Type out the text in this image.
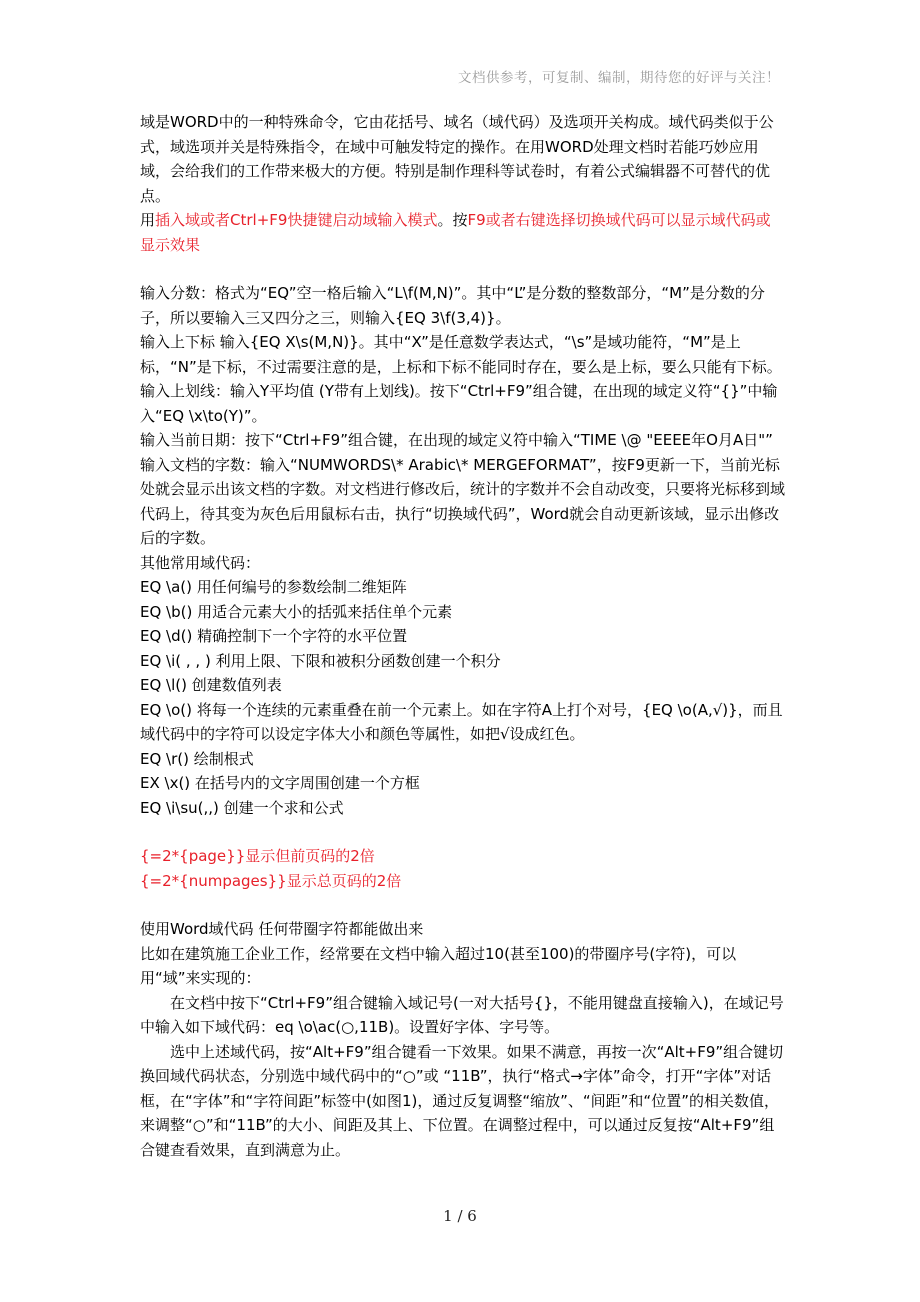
文档供参考，可复制、编制，期待您的好评与关注！

域是WORD中的一种特殊命令，它由花括号、域名（域代码）及选项开关构成。域代码类似于公式，域选项并关是特殊指令，在域中可触发特定的操作。在用WORD处理文档时若能巧妙应用域，会给我们的工作带来极大的方便。特别是制作理科等试卷时，有着公式编辑器不可替代的优点。

用插入域或者Ctrl+F9快捷键启动域输入模式。按F9或者右键选择切换域代码可以显示域代码或显示效果

输入分数：格式为“EQ”空一格后输入“L\f(M,N)”。其中“L”是分数的整数部分，“M”是分数的分子，所以要输入三又四分之三，则输入{EQ 3\f(3,4)}。

输入上下标 输入{EQ X\s(M,N)}。其中“X”是任意数学表达式，“\s”是域功能符，“M”是上标，“N”是下标，不过需要注意的是，上标和下标不能同时存在，要么是上标，要么只能有下标。

输入上划线：输入Y平均值 (Y带有上划线)。按下“Ctrl+F9”组合键，在出现的域定义符“{}”中输入“EQ \x\to(Y)”。

输入当前日期：按下“Ctrl+F9”组合键，在出现的域定义符中输入“TIME \@ "EEEE年O月A日"”

输入文档的字数：输入“NUMWORDS\* Arabic\* MERGEFORMAT”，按F9更新一下，当前光标处就会显示出该文档的字数。对文档进行修改后，统计的字数并不会自动改变，只要将光标移到域代码上，待其变为灰色后用鼠标右击，执行“切换域代码”，Word就会自动更新该域，显示出修改后的字数。

其他常用域代码：

EQ \a() 用任何编号的参数绘制二维矩阵

EQ \b() 用适合元素大小的括弧来括住单个元素

EQ \d() 精确控制下一个字符的水平位置

EQ \i( , , ) 利用上限、下限和被积分函数创建一个积分

EQ \l() 创建数值列表

EQ \o() 将每一个连续的元素重叠在前一个元素上。如在字符A上打个对号，{EQ \o(A,√)}，而且域代码中的字符可以设定字体大小和颜色等属性，如把√设成红色。

EQ \r() 绘制根式

EX \x() 在括号内的文字周围创建一个方框

EQ \i\su(,,) 创建一个求和公式

{=2*{page}}显示但前页码的2倍

{=2*{numpages}}显示总页码的2倍

使用Word域代码 任何带圈字符都能做出来

比如在建筑施工企业工作，经常要在文档中输入超过10(甚至100)的带圈序号(字符)，可以用“域”来实现的：

在文档中按下“Ctrl+F9”组合键输入域记号(一对大括号{}，不能用键盘直接输入)，在域记号中输入如下域代码：eq \o\ac(○,11B)。设置好字体、字号等。

选中上述域代码，按“Alt+F9”组合键看一下效果。如果不满意，再按一次“Alt+F9”组合键切换回域代码状态，分别选中域代码中的“○”或 “11B”，执行“格式→字体”命令，打开“字体”对话框，在“字体”和“字符间距”标签中(如图1)，通过反复调整“缩放”、“间距”和“位置”的相关数值，来调整“○”和“11B”的大小、间距及其上、下位置。在调整过程中，可以通过反复按“Alt+F9”组合键查看效果，直到满意为止。

1 / 6
